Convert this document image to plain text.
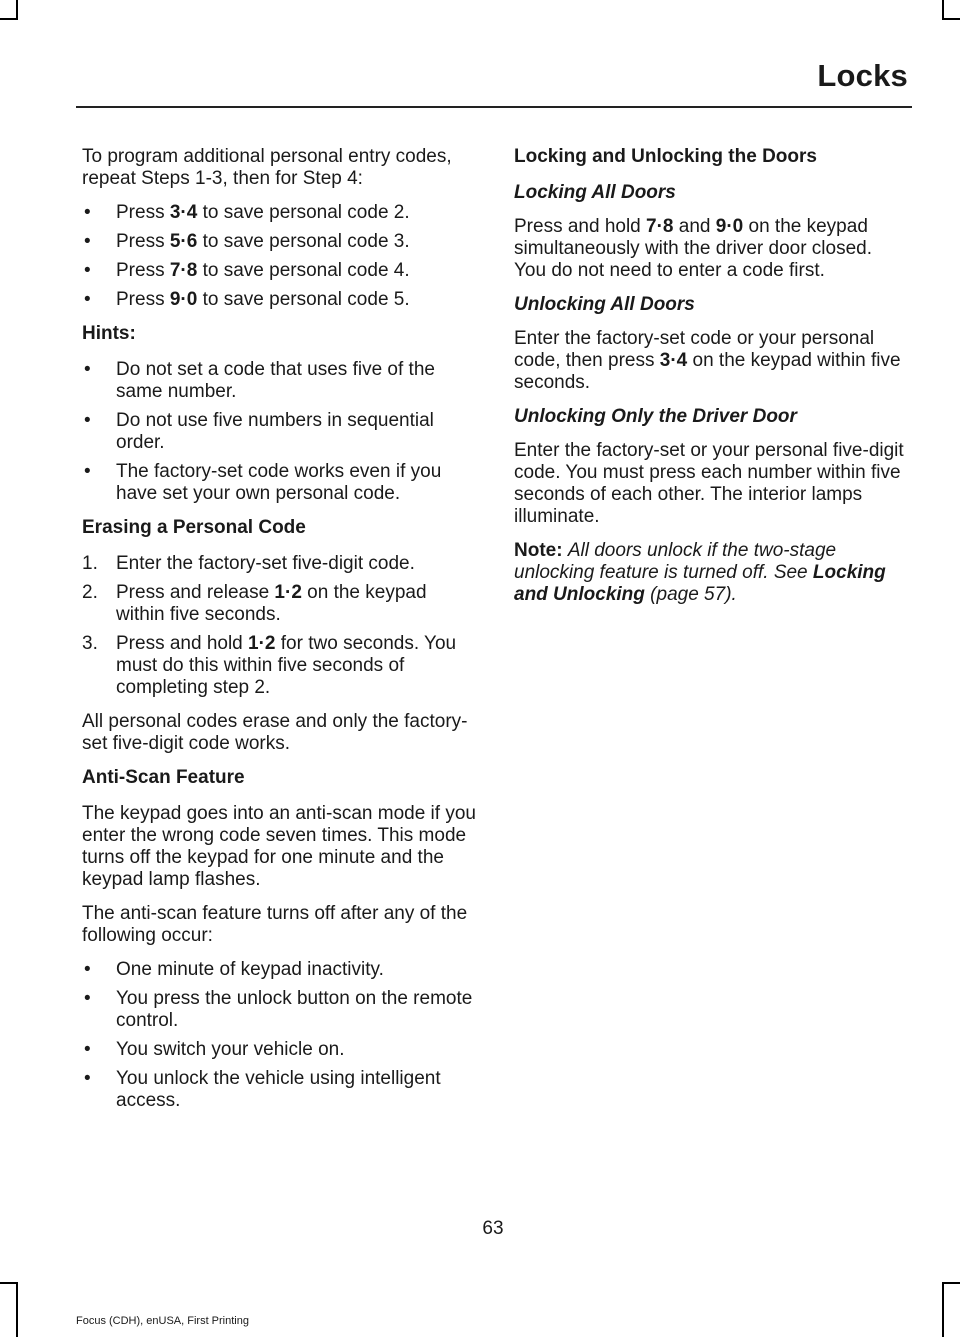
Locks

To program additional personal entry codes, repeat Steps 1-3, then for Step 4:

• Press 3·4 to save personal code 2.
• Press 5·6 to save personal code 3.
• Press 7·8 to save personal code 4.
• Press 9·0 to save personal code 5.
Hints:
• Do not set a code that uses five of the same number.
• Do not use five numbers in sequential order.
• The factory-set code works even if you have set your own personal code.
Erasing a Personal Code
1. Enter the factory-set five-digit code.
2. Press and release 1·2 on the keypad within five seconds.
3. Press and hold 1·2 for two seconds. You must do this within five seconds of completing step 2.

All personal codes erase and only the factory-set five-digit code works.

Anti-Scan Feature

The keypad goes into an anti-scan mode if you enter the wrong code seven times. This mode turns off the keypad for one minute and the keypad lamp flashes.

The anti-scan feature turns off after any of the following occur:

• One minute of keypad inactivity.
• You press the unlock button on the remote control.
• You switch your vehicle on.
• You unlock the vehicle using intelligent access.
Locking and Unlocking the Doors
Locking All Doors

Press and hold 7·8 and 9·0 on the keypad simultaneously with the driver door closed. You do not need to enter a code first.

Unlocking All Doors

Enter the factory-set code or your personal code, then press 3·4 on the keypad within five seconds.

Unlocking Only the Driver Door

Enter the factory-set or your personal five-digit code. You must press each number within five seconds of each other. The interior lamps illuminate.

Note: All doors unlock if the two-stage unlocking feature is turned off. See Locking and Unlocking (page 57).

63
Focus (CDH), enUSA, First Printing
